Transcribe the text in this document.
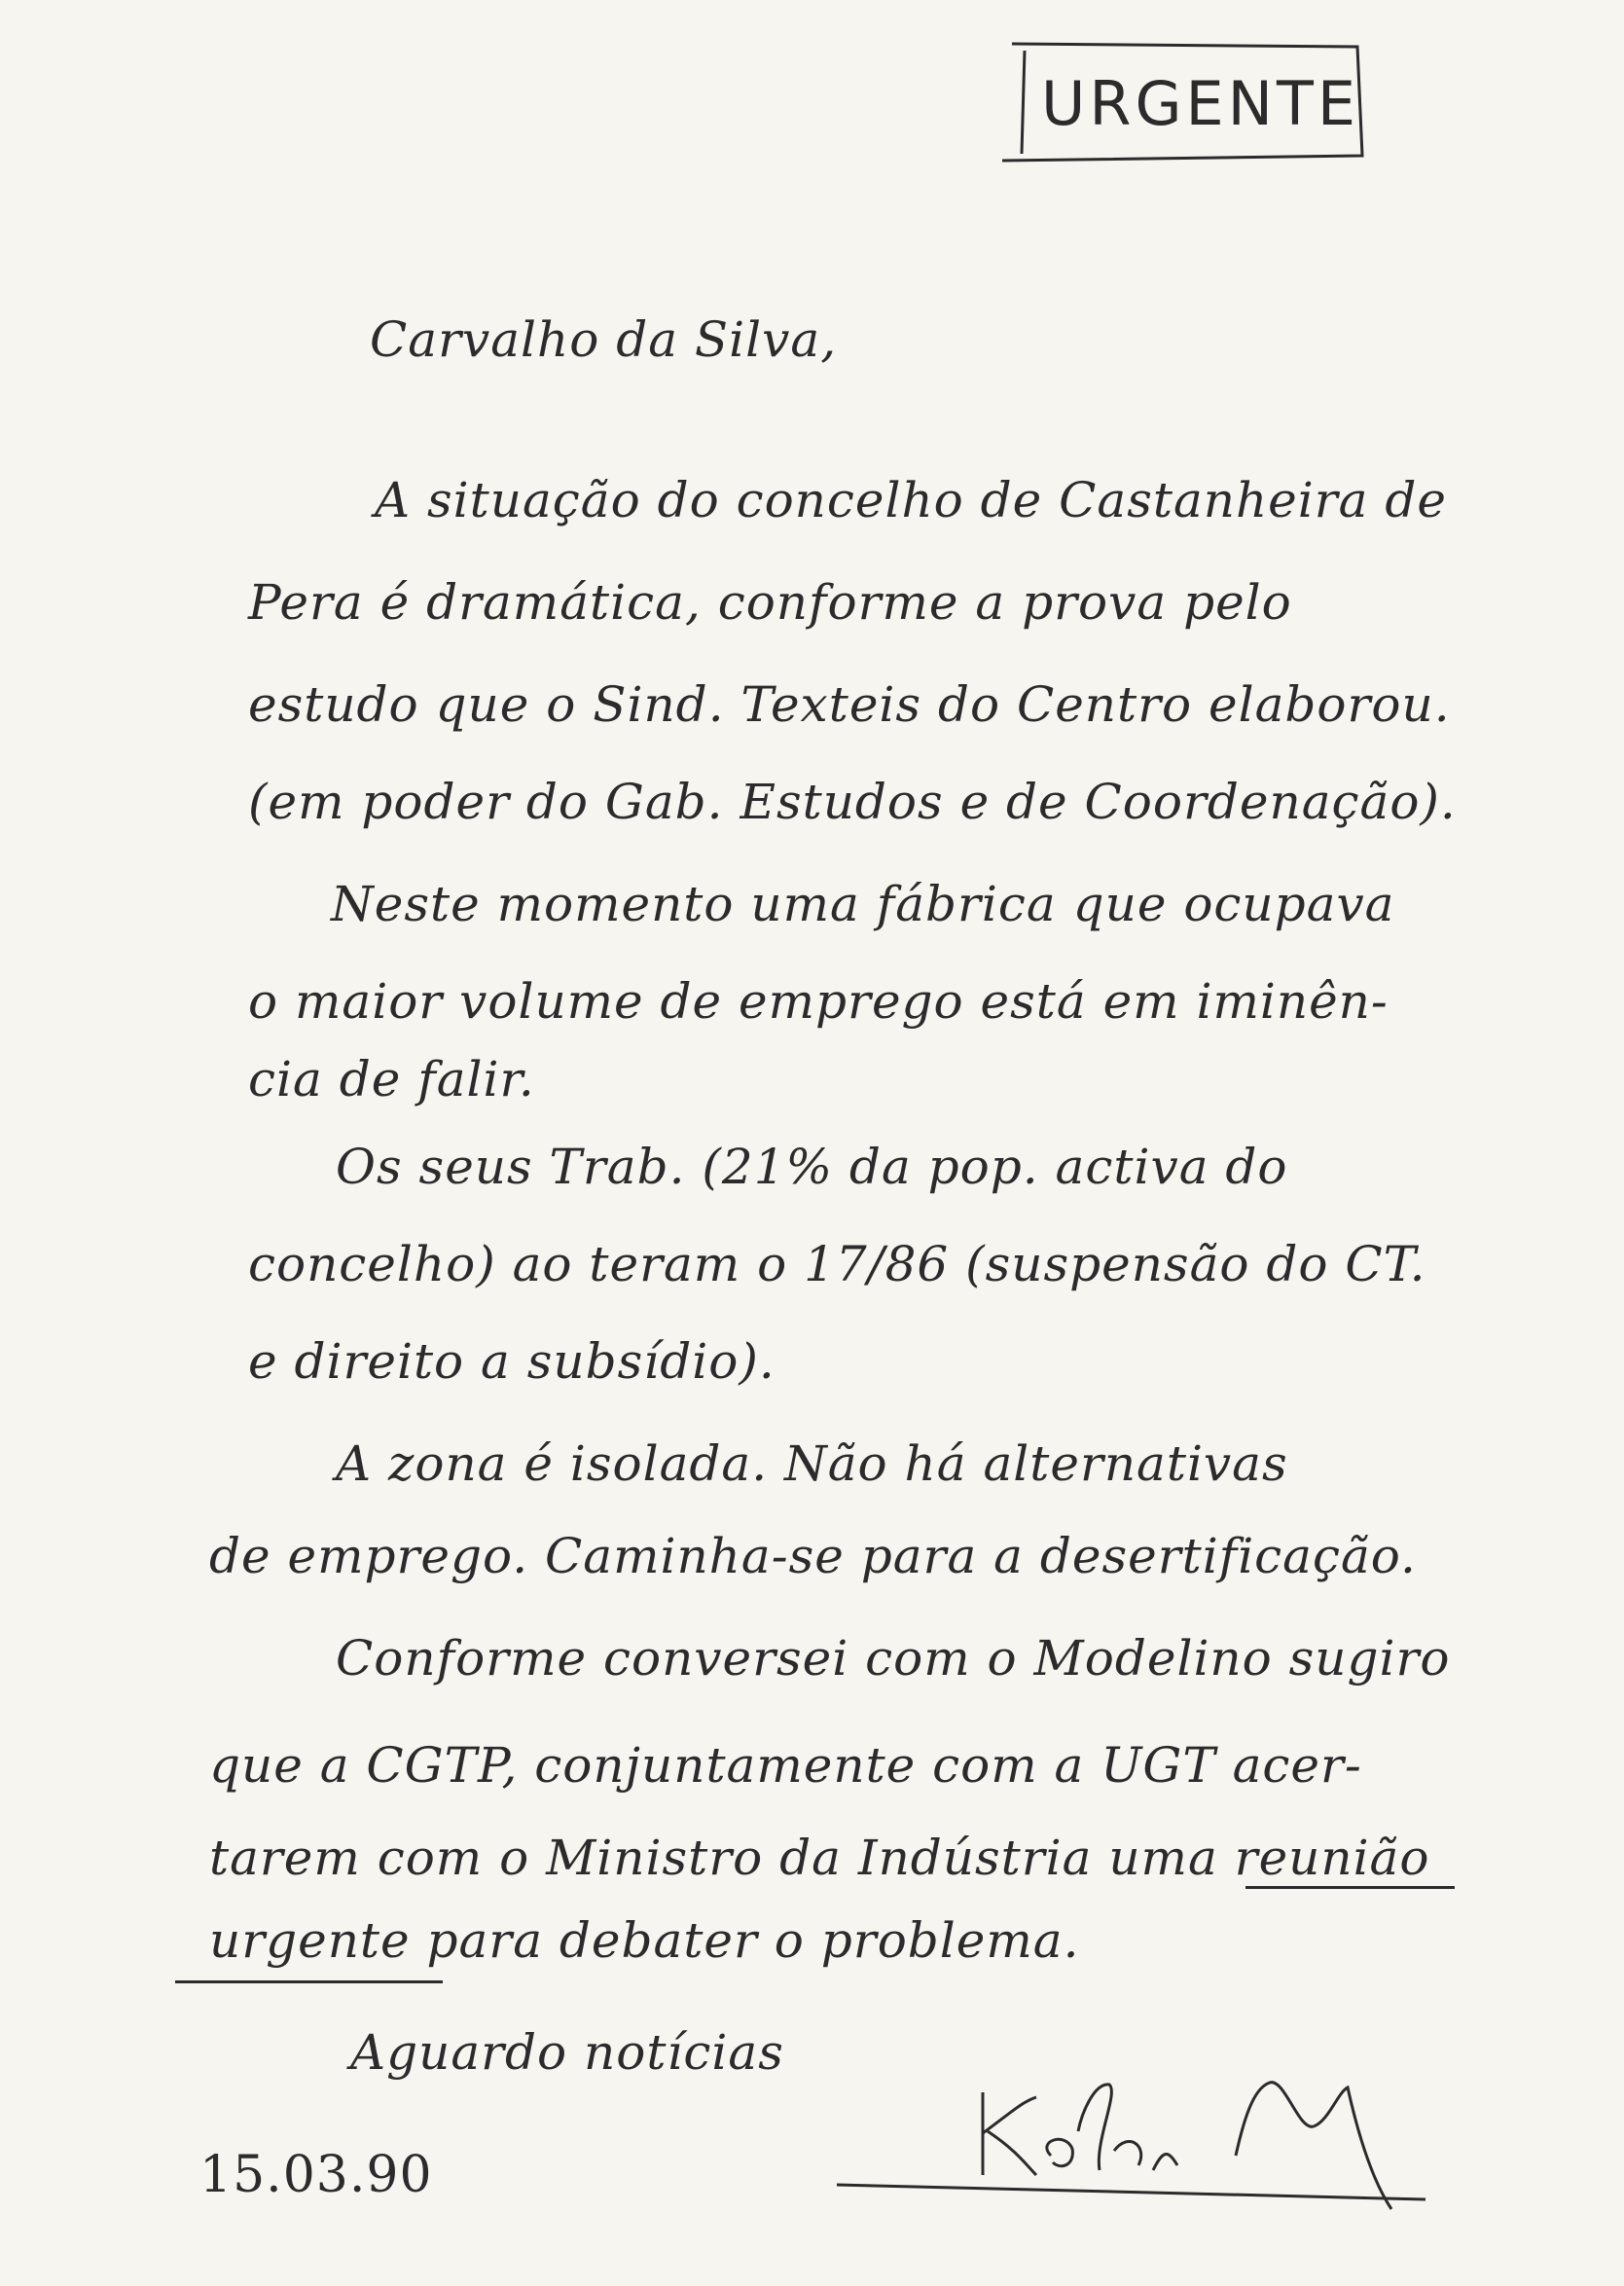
URGENTE
Carvalho da Silva,
A situação do concelho de Castanheira de
Pera é dramática, conforme a prova pelo
estudo que o Sind. Texteis do Centro elaborou.
(em poder do Gab. Estudos e de Coordenação).
Neste momento uma fábrica que ocupava
o maior volume de emprego está em iminên-
cia de falir.
Os seus Trab. (21% da pop. activa do
concelho) ao teram o 17/86 (suspensão do CT.
e direito a subsídio).
A zona é isolada. Não há alternativas
de emprego. Caminha-se para a desertificação.
Conforme conversei com o Modelino sugiro
que a CGTP, conjuntamente com a UGT acer-
tarem com o Ministro da Indústria uma reunião
urgente para debater o problema.
Aguardo notícias
15.03.90
